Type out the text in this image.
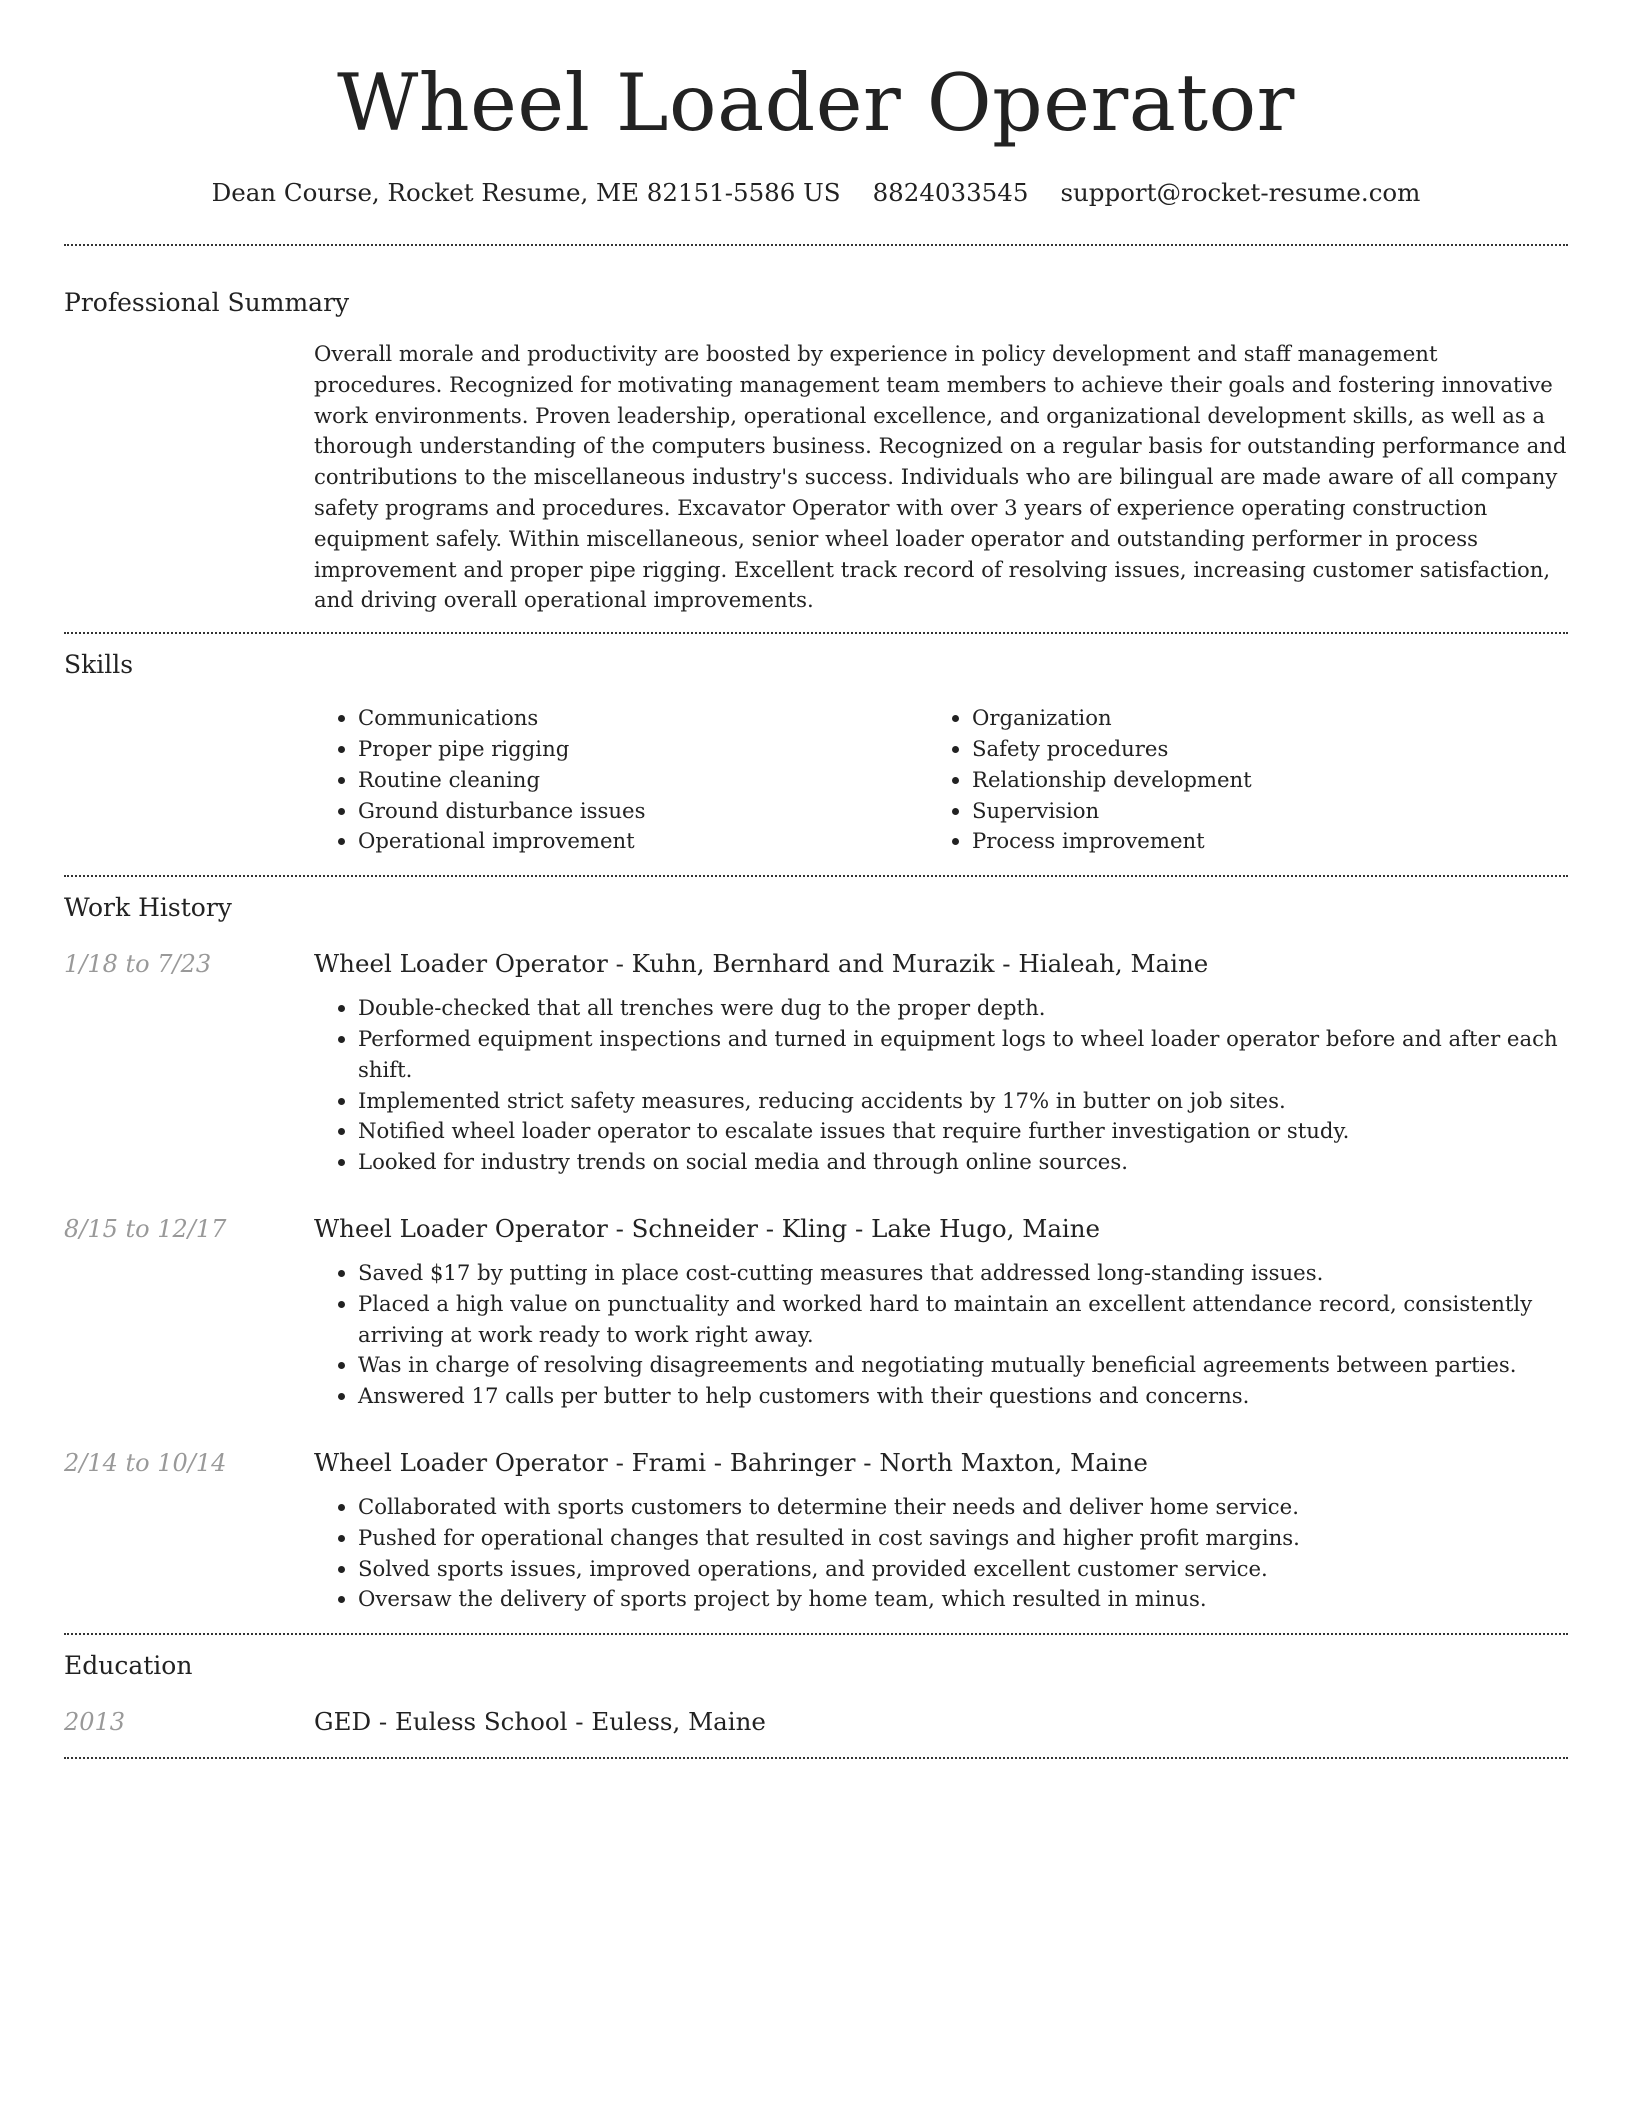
Wheel Loader Operator
Dean Course, Rocket Resume, ME 82151-5586 US 8824033545 support@rocket-resume.com
Professional Summary
Overall morale and productivity are boosted by experience in policy development and staff management procedures. Recognized for motivating management team members to achieve their goals and fostering innovative work environments. Proven leadership, operational excellence, and organizational development skills, as well as a thorough understanding of the computers business. Recognized on a regular basis for outstanding performance and contributions to the miscellaneous industry's success. Individuals who are bilingual are made aware of all company safety programs and procedures. Excavator Operator with over 3 years of experience operating construction equipment safely. Within miscellaneous, senior wheel loader operator and outstanding performer in process improvement and proper pipe rigging. Excellent track record of resolving issues, increasing customer satisfaction, and driving overall operational improvements.
Skills
• Communications
• Proper pipe rigging
• Routine cleaning
• Ground disturbance issues
• Operational improvement
• Organization
• Safety procedures
• Relationship development
• Supervision
• Process improvement
Work History
1/18 to 7/23	Wheel Loader Operator - Kuhn, Bernhard and Murazik - Hialeah, Maine
• Double-checked that all trenches were dug to the proper depth.
• Performed equipment inspections and turned in equipment logs to wheel loader operator before and after each shift.
• Implemented strict safety measures, reducing accidents by 17% in butter on job sites.
• Notified wheel loader operator to escalate issues that require further investigation or study.
• Looked for industry trends on social media and through online sources.
8/15 to 12/17	Wheel Loader Operator - Schneider - Kling - Lake Hugo, Maine
• Saved $17 by putting in place cost-cutting measures that addressed long-standing issues.
• Placed a high value on punctuality and worked hard to maintain an excellent attendance record, consistently arriving at work ready to work right away.
• Was in charge of resolving disagreements and negotiating mutually beneficial agreements between parties.
• Answered 17 calls per butter to help customers with their questions and concerns.
2/14 to 10/14	Wheel Loader Operator - Frami - Bahringer - North Maxton, Maine
• Collaborated with sports customers to determine their needs and deliver home service.
• Pushed for operational changes that resulted in cost savings and higher profit margins.
• Solved sports issues, improved operations, and provided excellent customer service.
• Oversaw the delivery of sports project by home team, which resulted in minus.
Education
2013	GED - Euless School - Euless, Maine
